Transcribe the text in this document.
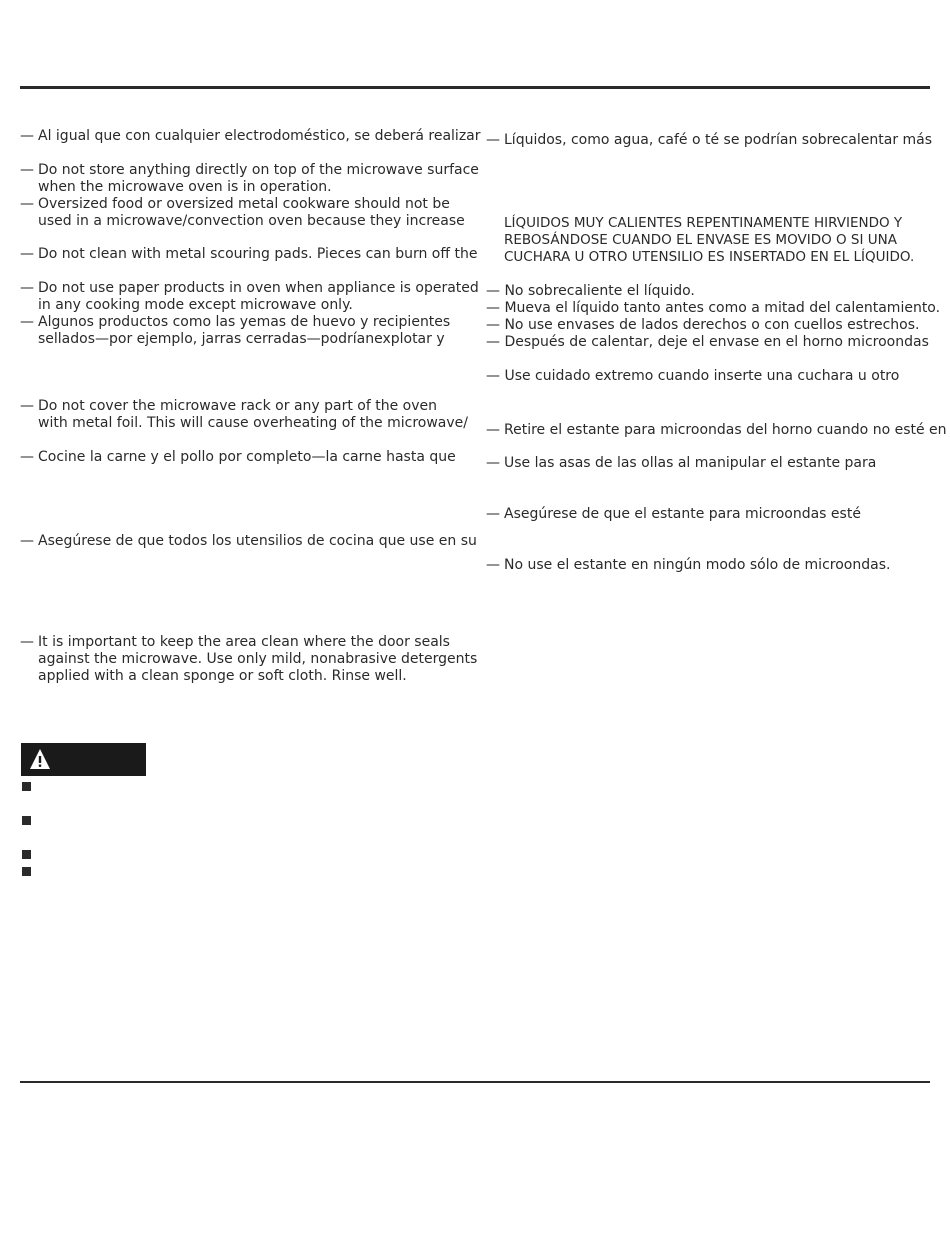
— Al igual que con cualquier electrodoméstico, se deberá realizar
— Do not store anything directly on top of the microwave surface
when the microwave oven is in operation.
— Oversized food or oversized metal cookware should not be
used in a microwave/convection oven because they increase
— Do not clean with metal scouring pads. Pieces can burn off the
— Do not use paper products in oven when appliance is operated
in any cooking mode except microwave only.
— Algunos productos como las yemas de huevo y recipientes
sellados—por ejemplo, jarras cerradas—podríanexplotar y
— Do not cover the microwave rack or any part of the oven
with metal foil. This will cause overheating of the microwave/
— Cocine la carne y el pollo por completo—la carne hasta que
— Asegúrese de que todos los utensilios de cocina que use en su
— It is important to keep the area clean where the door seals
against the microwave. Use only mild, nonabrasive detergents
applied with a clean sponge or soft cloth. Rinse well.
— Líquidos, como agua, café o té se podrían sobrecalentar más
LÍQUIDOS MUY CALIENTES REPENTINAMENTE HIRVIENDO Y
REBOSÁNDOSE CUANDO EL ENVASE ES MOVIDO O SI UNA
CUCHARA U OTRO UTENSILIO ES INSERTADO EN EL LÍQUIDO.
— No sobrecaliente el líquido.
— Mueva el líquido tanto antes como a mitad del calentamiento.
— No use envases de lados derechos o con cuellos estrechos.
— Después de calentar, deje el envase en el horno microondas
— Use cuidado extremo cuando inserte una cuchara u otro
— Retire el estante para microondas del horno cuando no esté en
— Use las asas de las ollas al manipular el estante para
— Asegúrese de que el estante para microondas esté
— No use el estante en ningún modo sólo de microondas.
